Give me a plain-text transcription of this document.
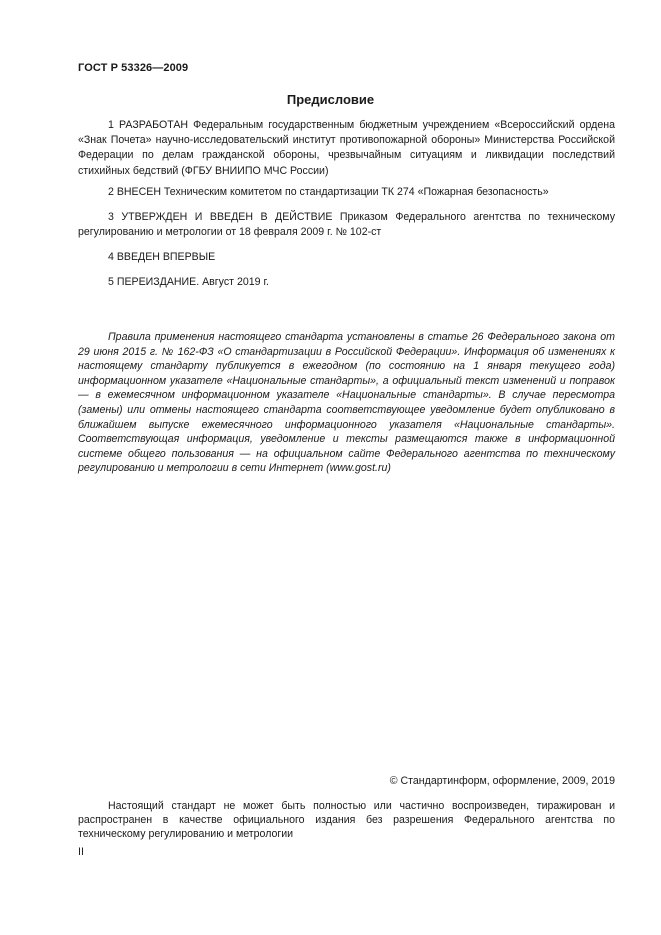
ГОСТ Р 53326—2009
Предисловие
1 РАЗРАБОТАН Федеральным государственным бюджетным учреждением «Всероссийский ордена «Знак Почета» научно-исследовательский институт противопожарной обороны» Министерства Российской Федерации по делам гражданской обороны, чрезвычайным ситуациям и ликвидации последствий стихийных бедствий (ФГБУ ВНИИПО МЧС России)
2 ВНЕСЕН Техническим комитетом по стандартизации ТК 274 «Пожарная безопасность»
3 УТВЕРЖДЕН И ВВЕДЕН В ДЕЙСТВИЕ Приказом Федерального агентства по техническому регулированию и метрологии от 18 февраля 2009 г. № 102-ст
4 ВВЕДЕН ВПЕРВЫЕ
5 ПЕРЕИЗДАНИЕ. Август 2019 г.
Правила применения настоящего стандарта установлены в статье 26 Федерального закона от 29 июня 2015 г. № 162-ФЗ «О стандартизации в Российской Федерации». Информация об изменениях к настоящему стандарту публикуется в ежегодном (по состоянию на 1 января текущего года) информационном указателе «Национальные стандарты», а официальный текст изменений и поправок — в ежемесячном информационном указателе «Национальные стандарты». В случае пересмотра (замены) или отмены настоящего стандарта соответствующее уведомление будет опубликовано в ближайшем выпуске ежемесячного информационного указателя «Национальные стандарты». Соответствующая информация, уведомление и тексты размещаются также в информационной системе общего пользования — на официальном сайте Федерального агентства по техническому регулированию и метрологии в сети Интернет (www.gost.ru)
© Стандартинформ, оформление, 2009, 2019
Настоящий стандарт не может быть полностью или частично воспроизведен, тиражирован и распространен в качестве официального издания без разрешения Федерального агентства по техническому регулированию и метрологии
II
